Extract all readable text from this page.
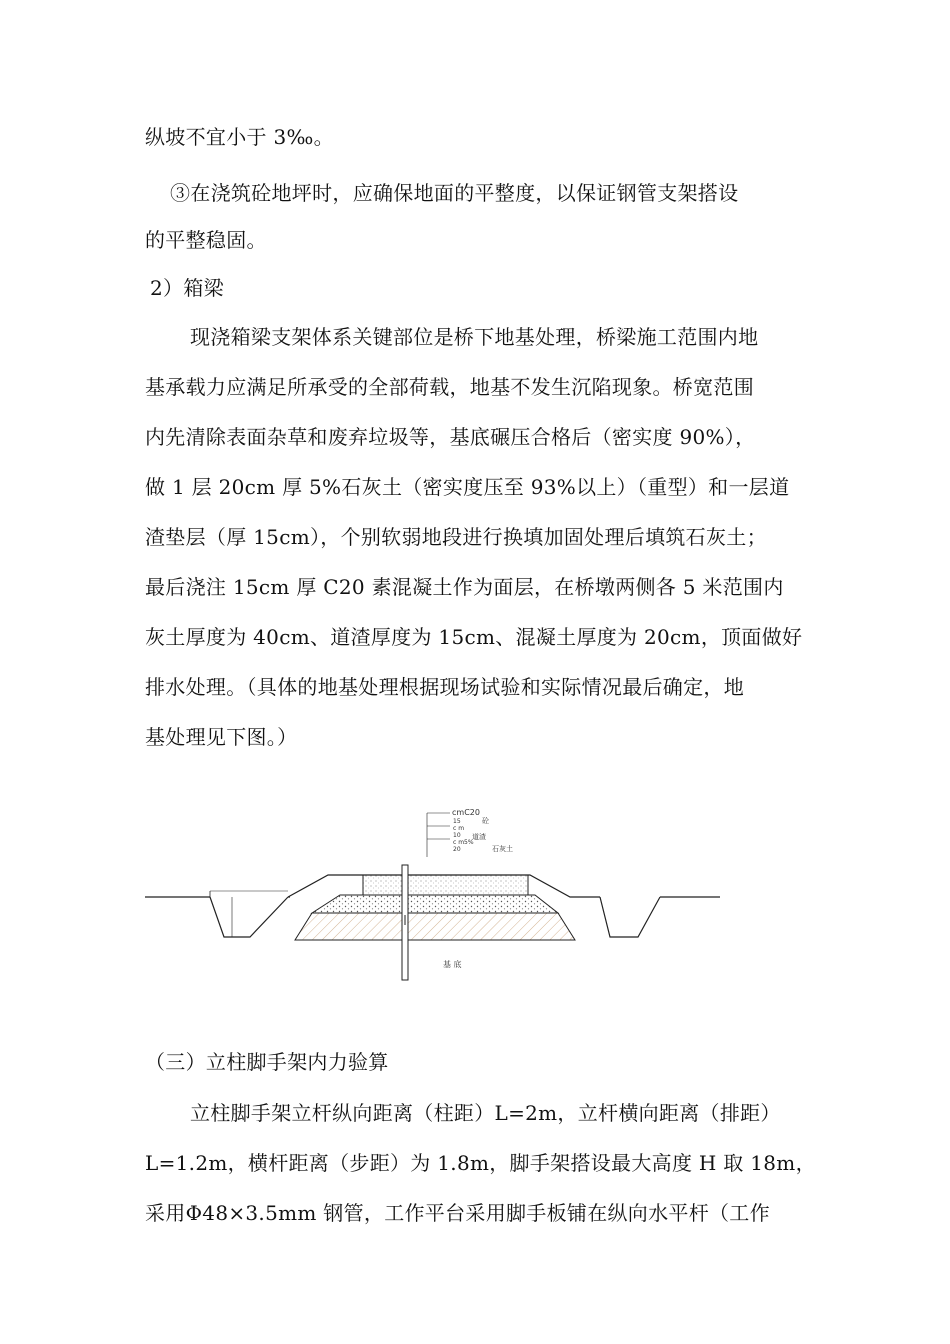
纵坡不宜小于 3‰。
③在浇筑砼地坪时，应确保地面的平整度，以保证钢管支架搭设
的平整稳固。
2）箱梁
现浇箱梁支架体系关键部位是桥下地基处理，桥梁施工范围内地
基承载力应满足所承受的全部荷载，地基不发生沉陷现象。桥宽范围
内先清除表面杂草和废弃垃圾等，基底碾压合格后（密实度 90%），
做 1 层 20cm 厚 5%石灰土（密实度压至 93%以上）（重型）和一层道
渣垫层（厚 15cm），个别软弱地段进行换填加固处理后填筑石灰土；
最后浇注 15cm 厚 C20 素混凝土作为面层，在桥墩两侧各 5 米范围内
灰土厚度为 40cm、道渣厚度为 15cm、混凝土厚度为 20cm，顶面做好
排水处理。（具体的地基处理根据现场试验和实际情况最后确定，地
基处理见下图。）
cmC20
15	砼
c m
10 道渣
c m5%
20	石灰土
基 底
（三）立柱脚手架内力验算
立柱脚手架立杆纵向距离（柱距）L=2m，立杆横向距离（排距）
L=1.2m，横杆距离（步距）为 1.8m，脚手架搭设最大高度 H 取 18m，
采用Φ48×3.5mm 钢管，工作平台采用脚手板铺在纵向水平杆（工作
